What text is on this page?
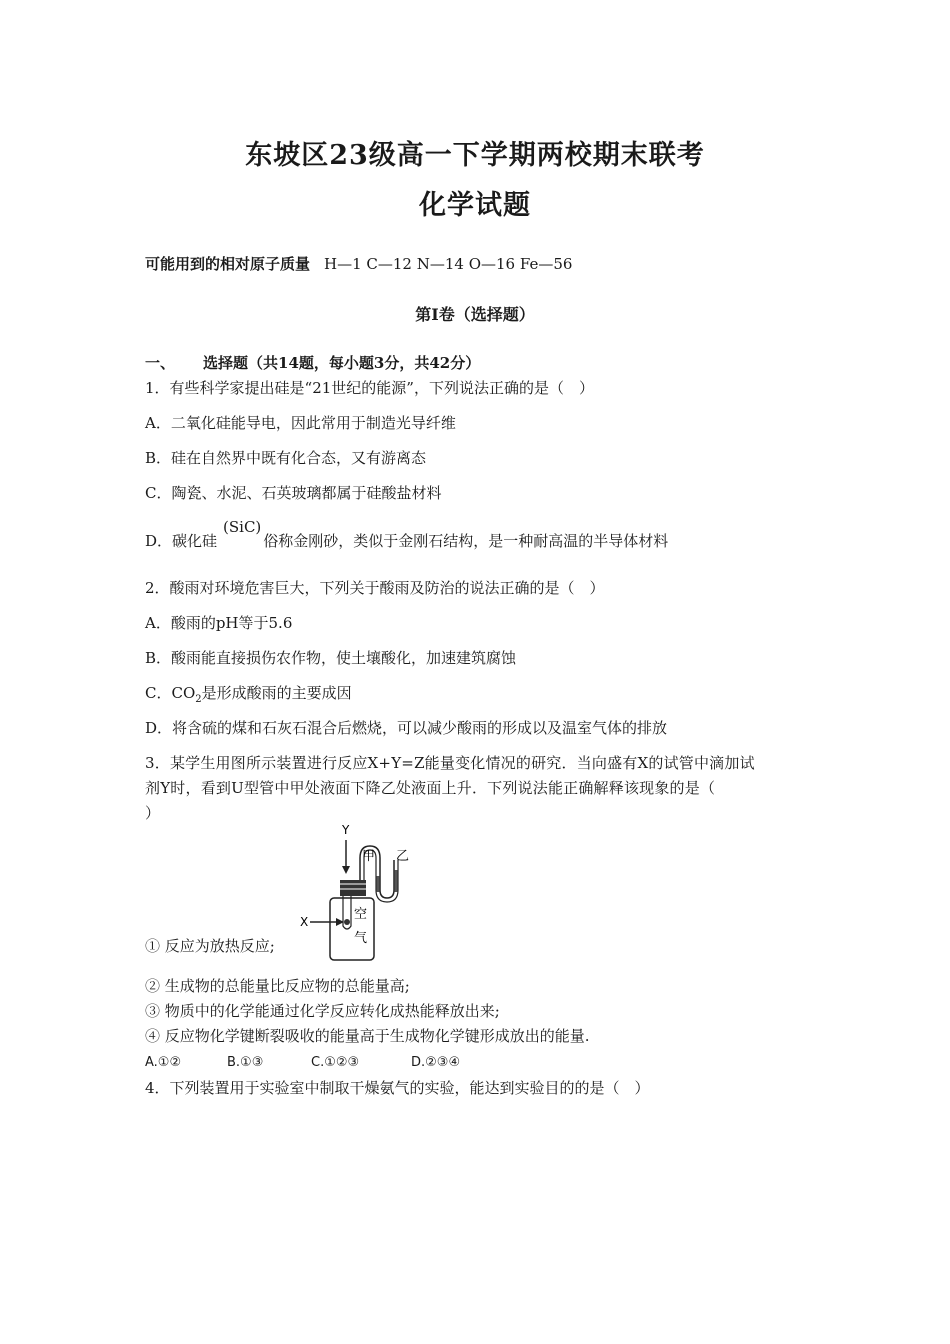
东坡区23级高一下学期两校期末联考
化学试题
可能用到的相对原子质量 H—1 C—12 N—14 O—16 Fe—56
第Ⅰ卷（选择题）
一、 选择题（共14题，每小题3分，共42分）
1．有些科学家提出硅是“21世纪的能源”，下列说法正确的是（　）
A．二氧化硅能导电，因此常用于制造光导纤维
B．硅在自然界中既有化合态，又有游离态
C．陶瓷、水泥、石英玻璃都属于硅酸盐材料
D．碳化硅(SiC)俗称金刚砂，类似于金刚石结构，是一种耐高温的半导体材料
2．酸雨对环境危害巨大，下列关于酸雨及防治的说法正确的是（　）
A．酸雨的pH等于5.6
B．酸雨能直接损伤农作物，使土壤酸化，加速建筑腐蚀
C．$CO_2$是形成酸雨的主要成因
D．将含硫的煤和石灰石混合后燃烧，可以减少酸雨的形成以及温室气体的排放
3．某学生用图所示装置进行反应X+Y=Z能量变化情况的研究．当向盛有X的试管中滴加试
剂Y时，看到U型管中甲处液面下降乙处液面上升．下列说法能正确解释该现象的是（
）
Y
X
甲 乙
空
气
① 反应为放热反应;
② 生成物的总能量比反应物的总能量高;
③ 物质中的化学能通过化学反应转化成热能释放出来;
④ 反应物化学键断裂吸收的能量高于生成物化学键形成放出的能量.
A.①②	B.①③	C.①②③	D.②③④
4．下列装置用于实验室中制取干燥氨气的实验，能达到实验目的的是（　）
